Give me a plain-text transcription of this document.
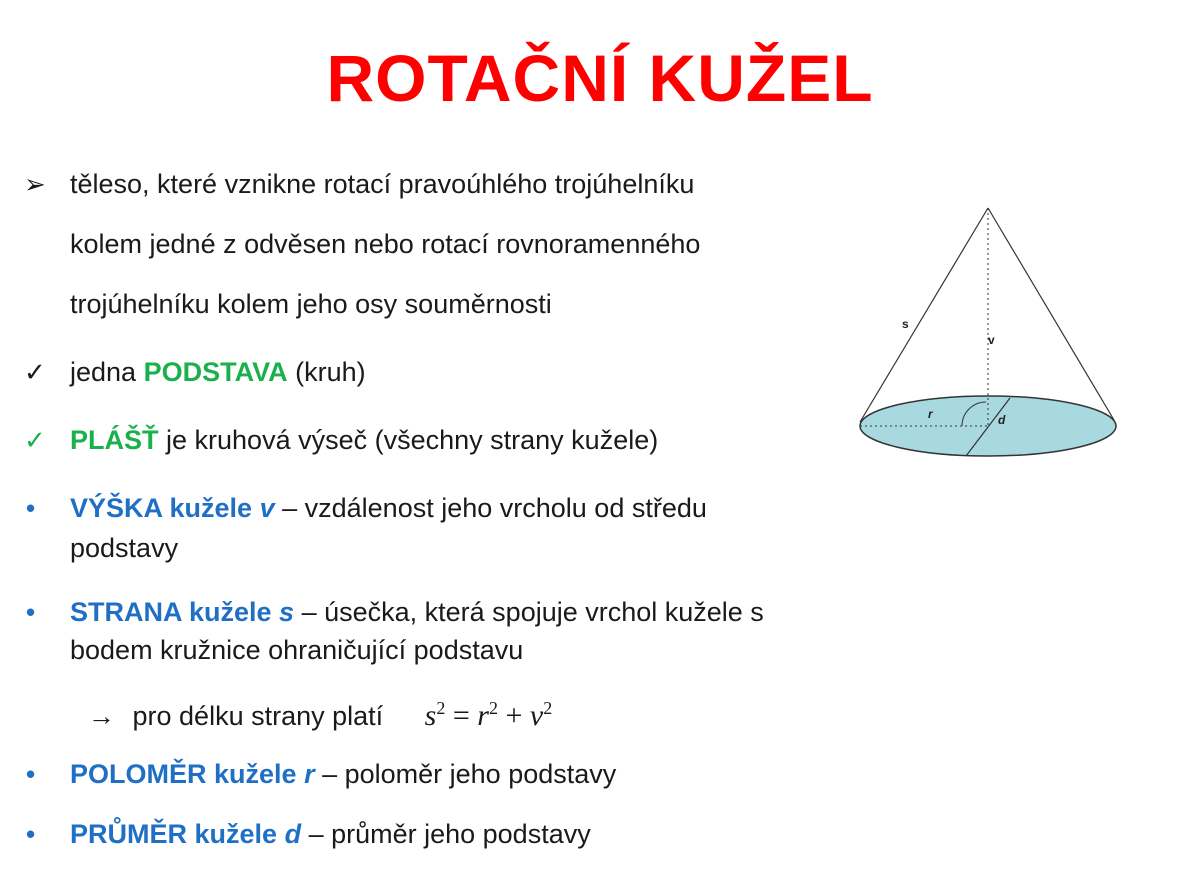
ROTAČNÍ KUŽEL
➢ těleso, které vznikne rotací pravoúhlého trojúhelníku
kolem jedné z odvěsen nebo rotací rovnoramenného
trojúhelníku kolem jeho osy souměrnosti
✓ jedna PODSTAVA (kruh)
✓ PLÁŠŤ je kruhová výseč (všechny strany kužele)
• VÝŠKA kužele v – vzdálenost jeho vrcholu od středu
podstavy
• STRANA kužele s – úsečka, která spojuje vrchol kužele s
bodem kružnice ohraničující podstavu
→ pro délku strany platí $s^2 = r^2 + v^2$
• POLOMĚR kužele r – poloměr jeho podstavy
• PRŮMĚR kužele d – průměr jeho podstavy
s
v
r	d
